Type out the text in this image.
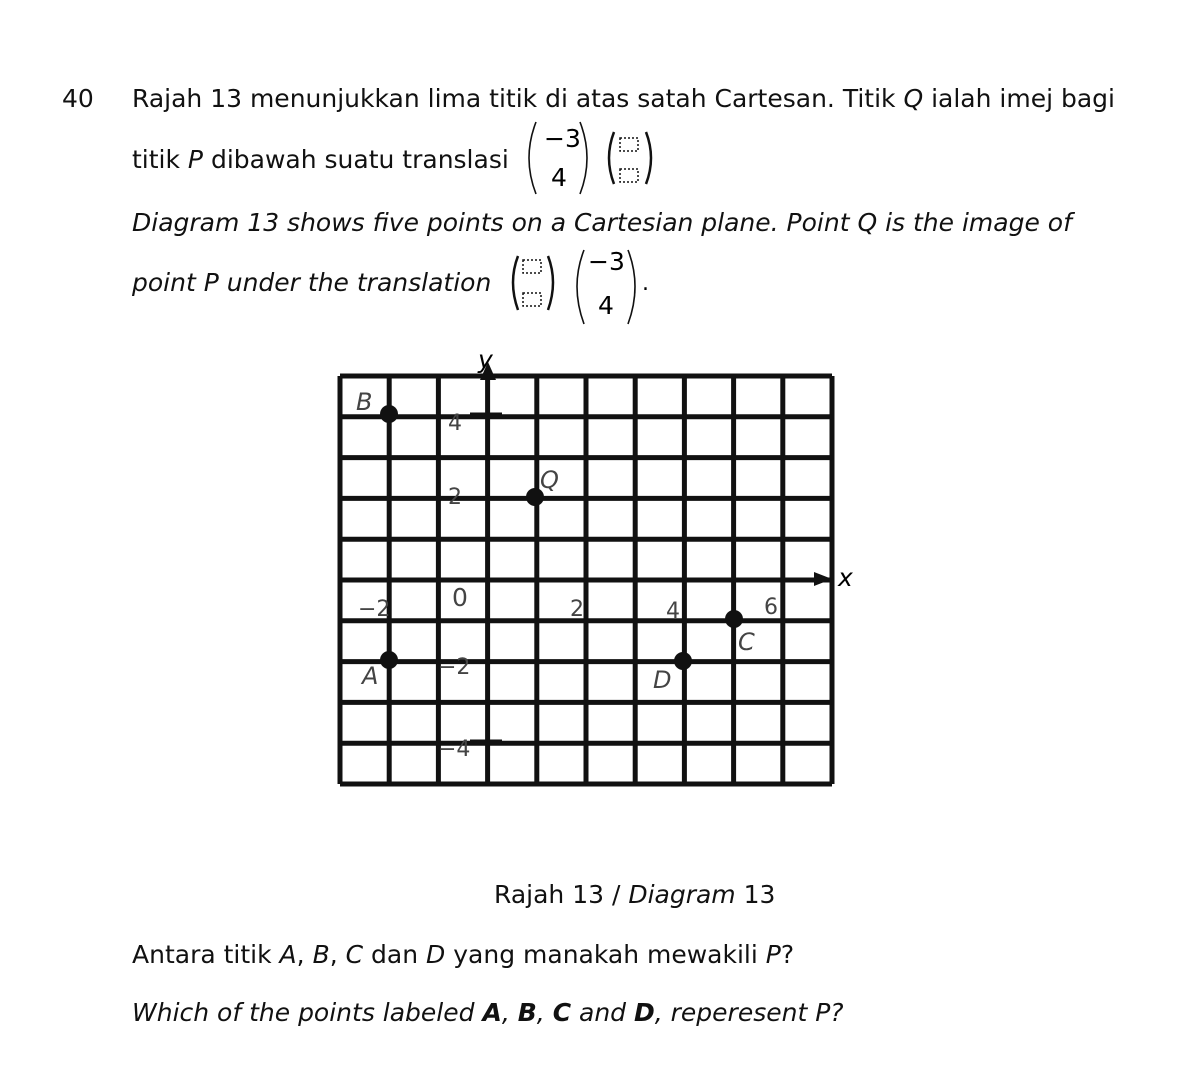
40 Rajah 13 menunjukkan lima titik di atas satah Cartesan. Titik Q ialah imej bagi
titik P dibawah suatu translasi
−3
4
Diagram 13 shows five points on a Cartesian plane. Point Q is the image of
point P under the translation
−3
4
.
y
x
4
2
−2
−4
0
−2	2	4	6
B
Q
A
C
D
Rajah 13 / Diagram 13
Antara titik A, B, C dan D yang manakah mewakili P?
Which of the points labeled A, B, C and D, reperesent P?
